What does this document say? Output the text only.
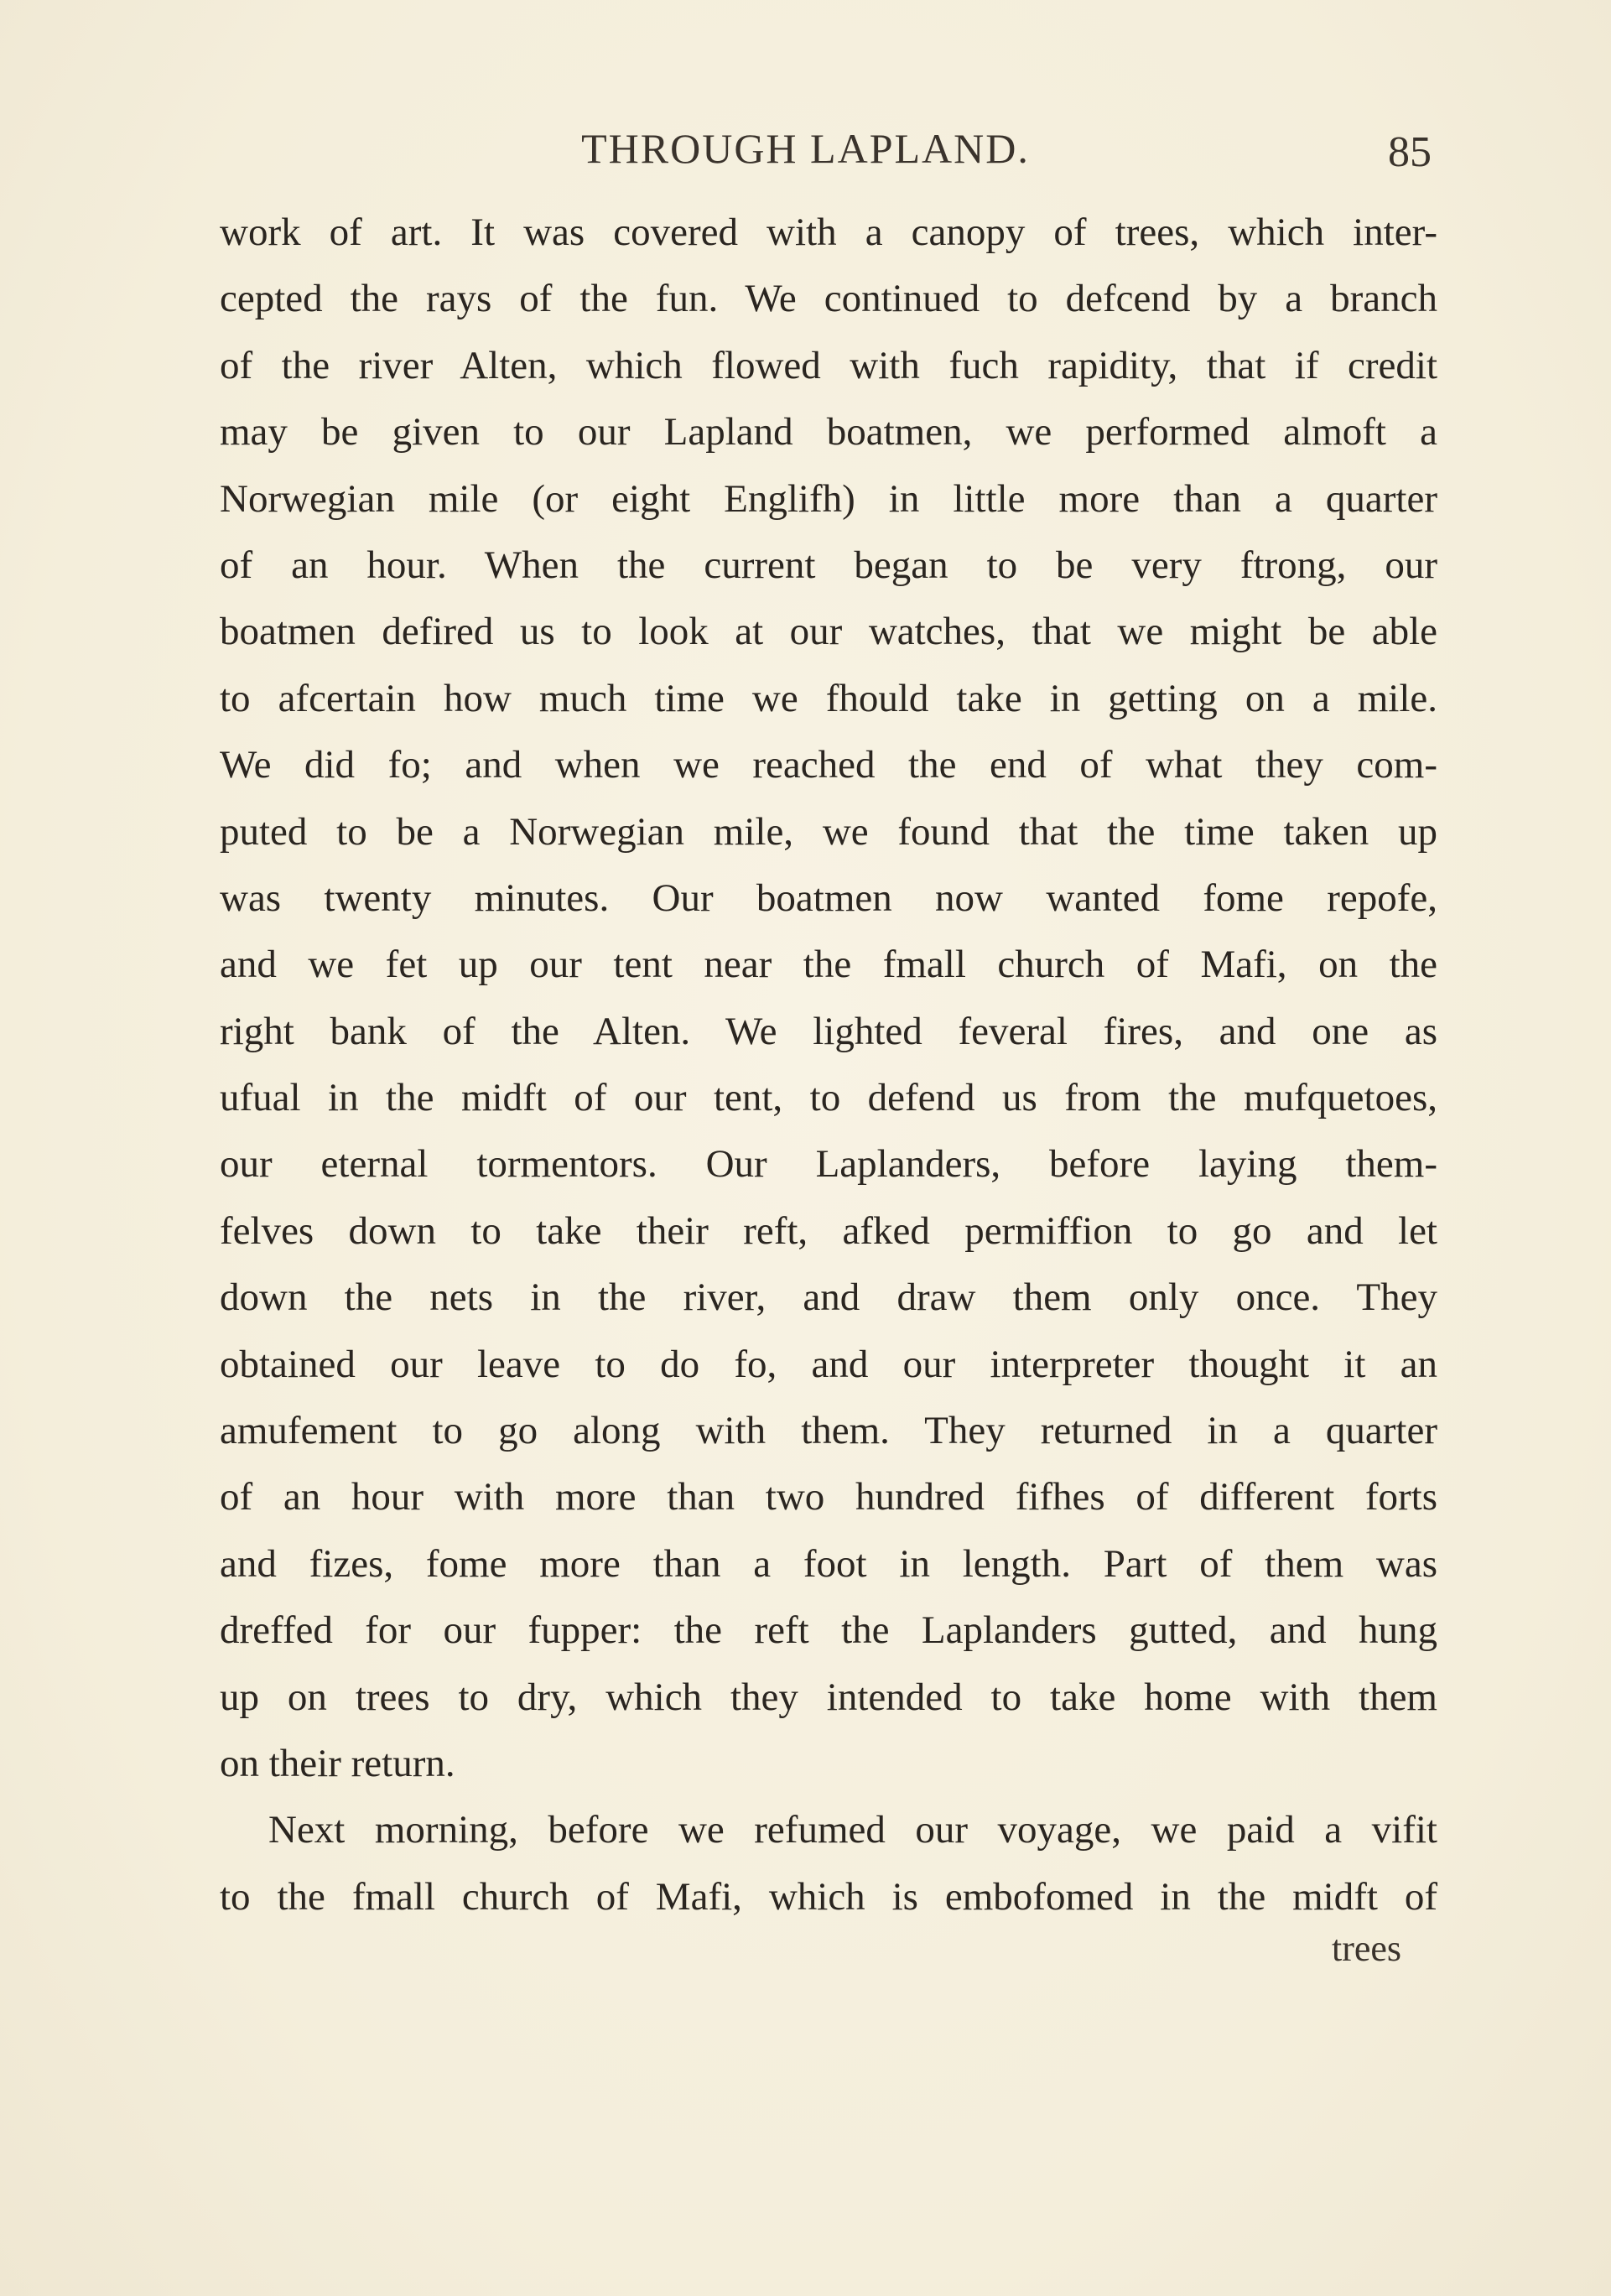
THROUGH LAPLAND.	85
work of art. It was covered with a canopy of trees, which inter-
cepted the rays of the fun. We continued to defcend by a branch
of the river Alten, which flowed with fuch rapidity, that if credit
may be given to our Lapland boatmen, we performed almoft a
Norwegian mile (or eight Englifh) in little more than a quarter
of an hour. When the current began to be very ftrong, our
boatmen defired us to look at our watches, that we might be able
to afcertain how much time we fhould take in getting on a mile.
We did fo; and when we reached the end of what they com-
puted to be a Norwegian mile, we found that the time taken up
was twenty minutes. Our boatmen now wanted fome repofe,
and we fet up our tent near the fmall church of Mafi, on the
right bank of the Alten. We lighted feveral fires, and one as
ufual in the midft of our tent, to defend us from the mufquetoes,
our eternal tormentors. Our Laplanders, before laying them-
felves down to take their reft, afked permiffion to go and let
down the nets in the river, and draw them only once. They
obtained our leave to do fo, and our interpreter thought it an
amufement to go along with them. They returned in a quarter
of an hour with more than two hundred fifhes of different forts
and fizes, fome more than a foot in length. Part of them was
dreffed for our fupper: the reft the Laplanders gutted, and hung
up on trees to dry, which they intended to take home with them
on their return.
Next morning, before we refumed our voyage, we paid a vifit
to the fmall church of Mafi, which is embofomed in the midft of
trees
